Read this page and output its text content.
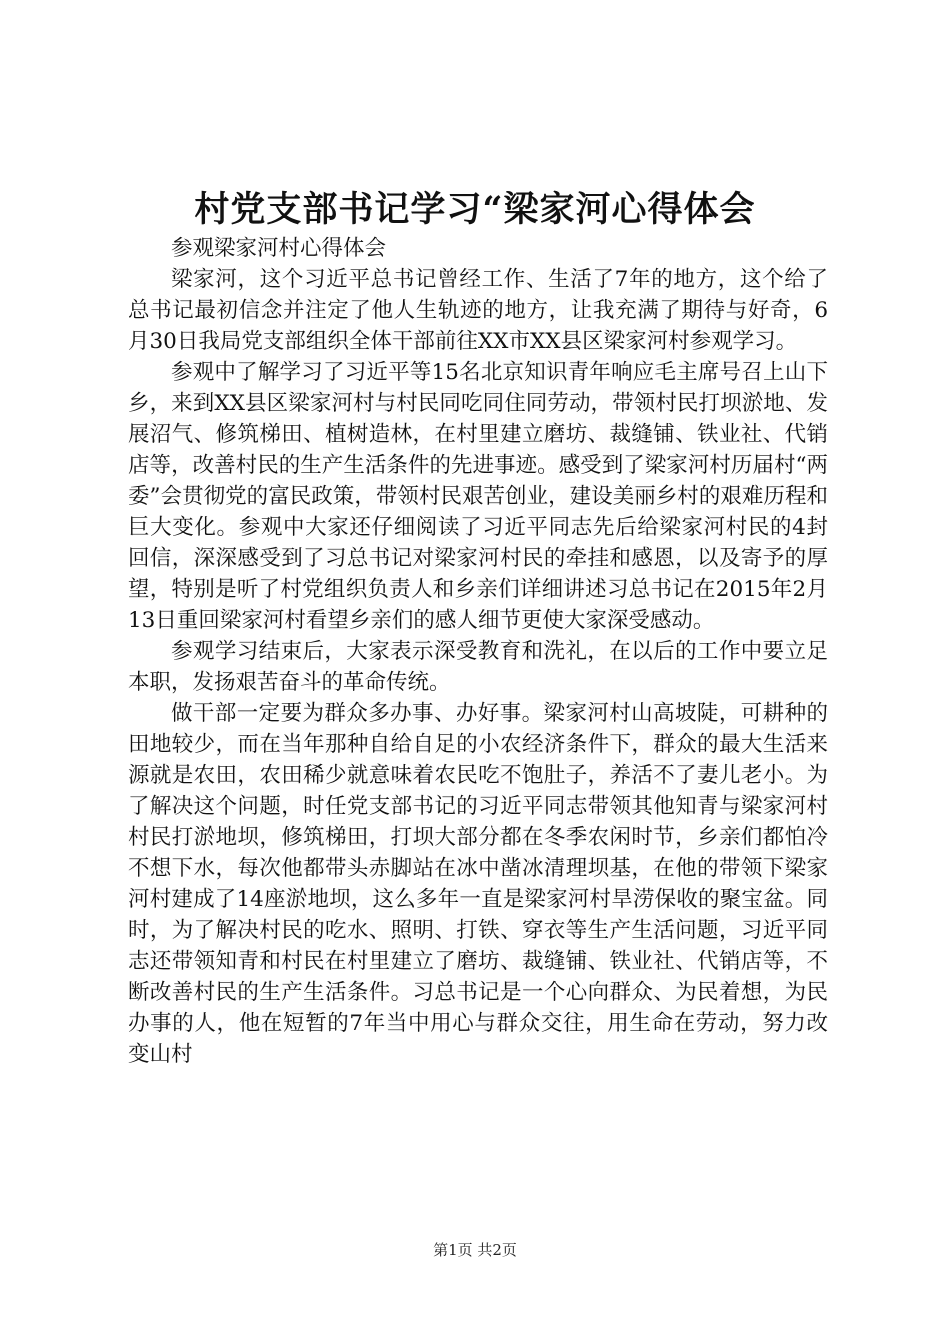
村党支部书记学习“梁家河心得体会

参观梁家河村心得体会

梁家河，这个习近平总书记曾经工作、生活了7年的地方，这个给了总书记最初信念并注定了他人生轨迹的地方，让我充满了期待与好奇，6月30日我局党支部组织全体干部前往XX市XX县区梁家河村参观学习。

参观中了解学习了习近平等15名北京知识青年响应毛主席号召上山下乡，来到XX县区梁家河村与村民同吃同住同劳动，带领村民打坝淤地、发展沼气、修筑梯田、植树造林，在村里建立磨坊、裁缝铺、铁业社、代销店等，改善村民的生产生活条件的先进事迹。感受到了梁家河村历届村“两委”会贯彻党的富民政策，带领村民艰苦创业，建设美丽乡村的艰难历程和巨大变化。参观中大家还仔细阅读了习近平同志先后给梁家河村民的4封回信，深深感受到了习总书记对梁家河村民的牵挂和感恩，以及寄予的厚望，特别是听了村党组织负责人和乡亲们详细讲述习总书记在2015年2月13日重回梁家河村看望乡亲们的感人细节更使大家深受感动。

参观学习结束后，大家表示深受教育和洗礼，在以后的工作中要立足本职，发扬艰苦奋斗的革命传统。

做干部一定要为群众多办事、办好事。梁家河村山高坡陡，可耕种的田地较少，而在当年那种自给自足的小农经济条件下，群众的最大生活来源就是农田，农田稀少就意味着农民吃不饱肚子，养活不了妻儿老小。为了解决这个问题，时任党支部书记的习近平同志带领其他知青与梁家河村村民打淤地坝，修筑梯田，打坝大部分都在冬季农闲时节，乡亲们都怕冷不想下水，每次他都带头赤脚站在冰中凿冰清理坝基，在他的带领下梁家河村建成了14座淤地坝，这么多年一直是梁家河村旱涝保收的聚宝盆。同时，为了解决村民的吃水、照明、打铁、穿衣等生产生活问题，习近平同志还带领知青和村民在村里建立了磨坊、裁缝铺、铁业社、代销店等，不断改善村民的生产生活条件。习总书记是一个心向群众、为民着想，为民办事的人，他在短暂的7年当中用心与群众交往，用生命在劳动，努力改变山村

第1页 共2页
